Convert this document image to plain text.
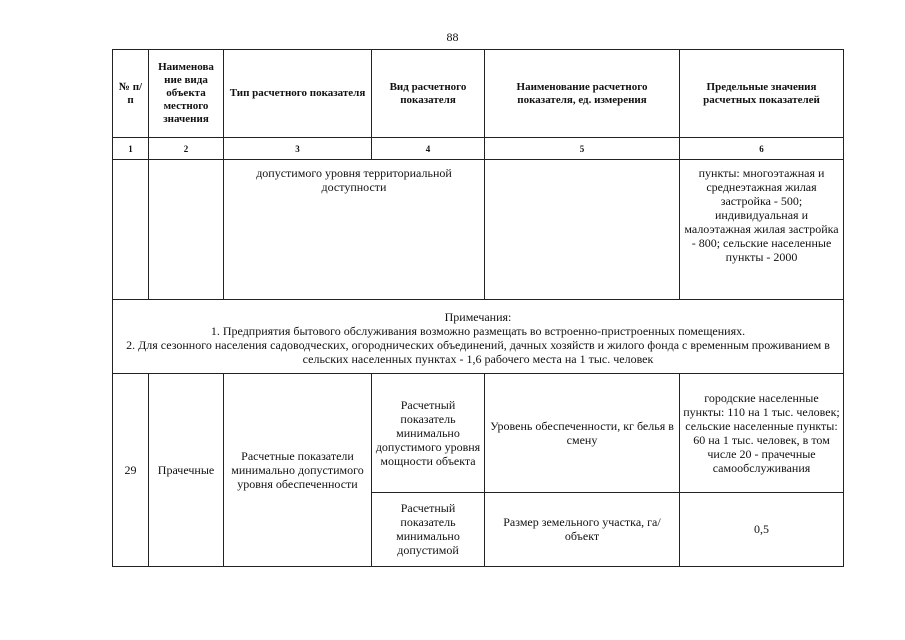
88
№ п/п	Наименова ние вида объекта местного значения	Тип расчетного показателя	Вид расчетного показателя	Наименование расчетного показателя, ед. измерения	Предельные значения расчетных показателей
1	2	3	4	5	6
		допустимого уровня территориальной доступности			пункты: многоэтажная и среднеэтажная жилая застройка - 500; индивидуальная и малоэтажная жилая застройка - 800; сельские населенные пункты - 2000

Примечания:
1. Предприятия бытового обслуживания возможно размещать во встроенно-пристроенных помещениях.
2. Для сезонного населения садоводческих, огороднических объединений, дачных хозяйств и жилого фонда с временным проживанием в сельских населенных пунктах - 1,6 рабочего места на 1 тыс. человек					

29	Прачечные	Расчетные показатели минимально допустимого уровня обеспеченности	Расчетный показатель минимально допустимого уровня мощности объекта	Уровень обеспеченности, кг белья в смену	городские населенные пункты: 110 на 1 тыс. человек; сельские населенные пункты: 60 на 1 тыс. человек, в том числе 20 - прачечные самообслуживания
			Расчетный показатель минимально допустимой	Размер земельного участка, га/объект	0,5
